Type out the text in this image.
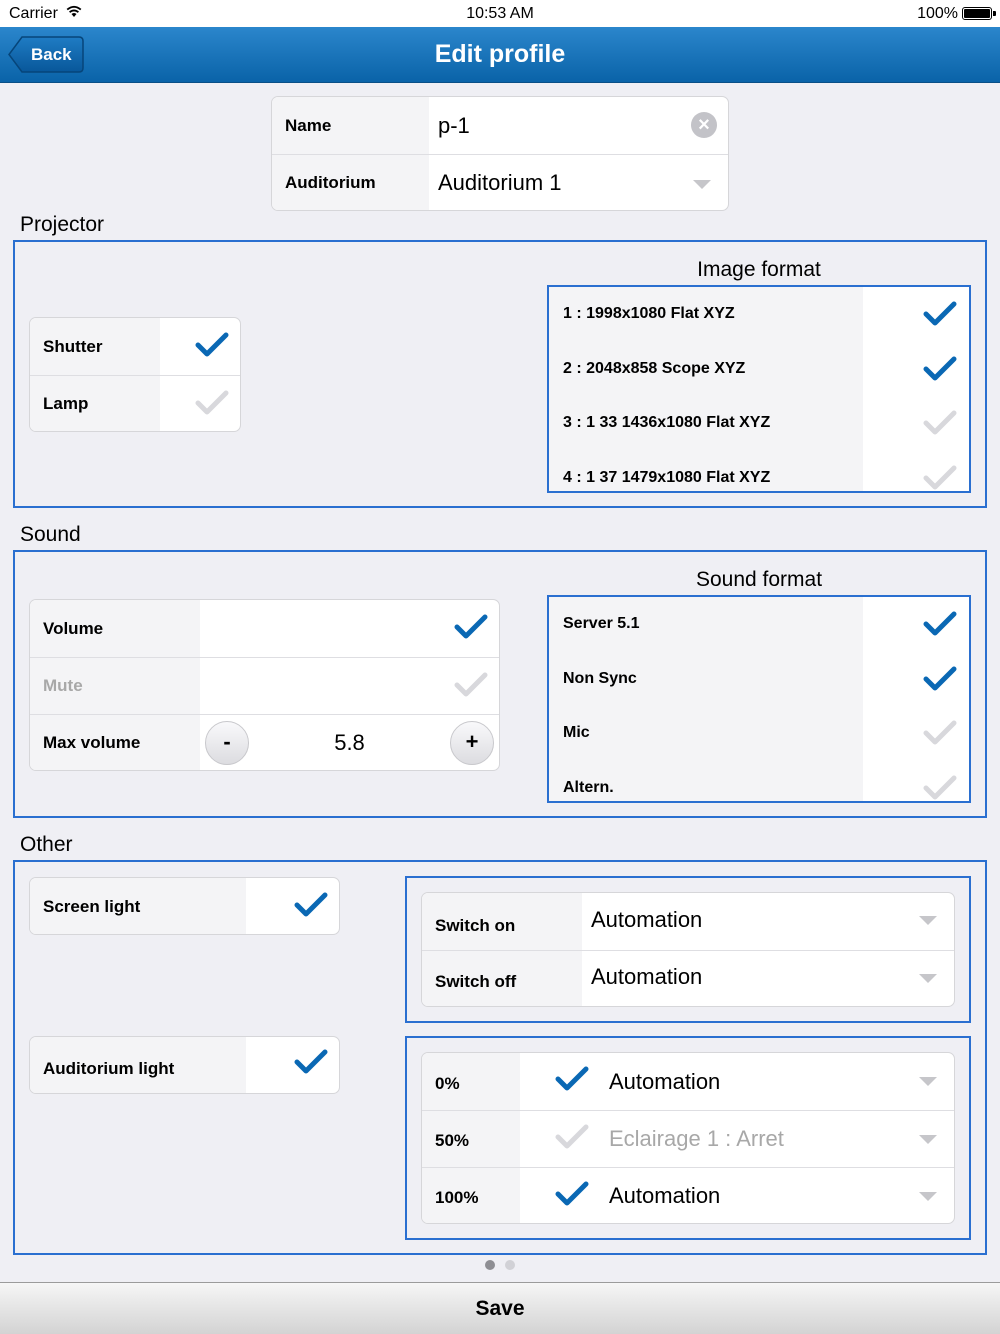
Carrier	10:53 AM	100%
Back	Edit profile
Name	p-1	×
Auditorium	Auditorium 1
Projector
Shutter
Lamp
Image format
1 : 1998x1080 Flat XYZ
2 : 2048x858 Scope XYZ
3 : 1 33 1436x1080 Flat XYZ
4 : 1 37 1479x1080 Flat XYZ
Sound
Volume
Mute
Max volume	-	5.8	+
Sound format
Server 5.1
Non Sync
Mic
Altern.
Other
Screen light
Switch on	Automation
Switch off	Automation
Auditorium light
0%	Automation
50%	Eclairage 1 : Arret
100%	Automation
Save
